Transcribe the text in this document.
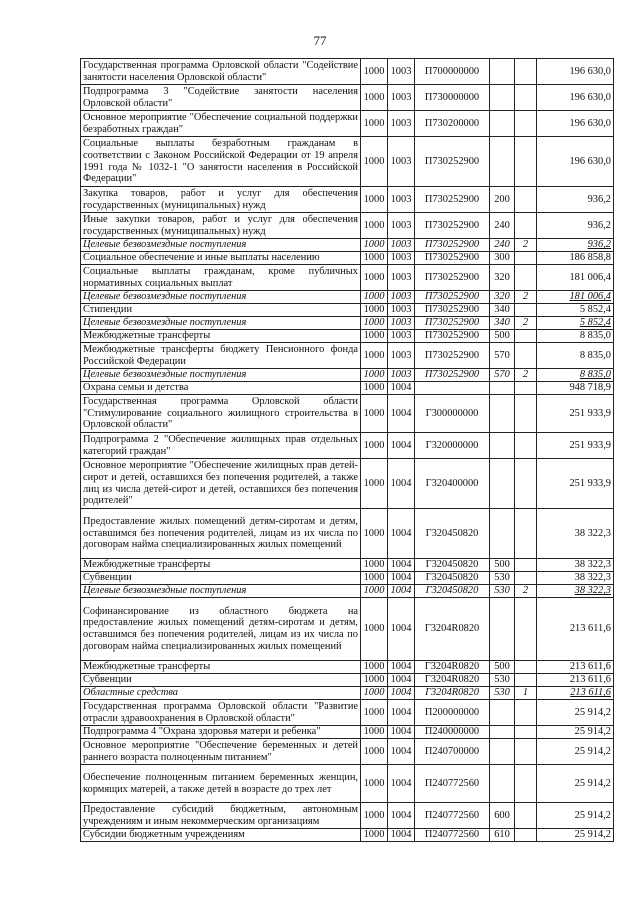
77
Государственная программа Орловской области "Содействие занятости населения Орловской области"	1000	1003	П700000000			196 630,0
Подпрограмма 3 "Содействие занятости населения Орловской области"	1000	1003	П730000000			196 630,0
Основное мероприятие "Обеспечение социальной поддержки безработных граждан"	1000	1003	П730200000			196 630,0
Социальные выплаты безработным гражданам в соответствии с Законом Российской Федерации от 19 апреля 1991 года № 1032-1 "О занятости населения в Российской Федерации"	1000	1003	П730252900			196 630,0
Закупка товаров, работ и услуг для обеспечения государственных (муниципальных) нужд	1000	1003	П730252900	200		936,2
Иные закупки товаров, работ и услуг для обеспечения государственных (муниципальных) нужд	1000	1003	П730252900	240		936,2
Целевые безвозмездные поступления	1000	1003	П730252900	240	2	936,2
Социальное обеспечение и иные выплаты населению	1000	1003	П730252900	300		186 858,8
Социальные выплаты гражданам, кроме публичных нормативных социальных выплат	1000	1003	П730252900	320		181 006,4
Целевые безвозмездные поступления	1000	1003	П730252900	320	2	181 006,4
Стипендии	1000	1003	П730252900	340		5 852,4
Целевые безвозмездные поступления	1000	1003	П730252900	340	2	5 852,4
Межбюджетные трансферты	1000	1003	П730252900	500		8 835,0
Межбюджетные трансферты бюджету Пенсионного фонда Российской Федерации	1000	1003	П730252900	570		8 835,0
Целевые безвозмездные поступления	1000	1003	П730252900	570	2	8 835,0
Охрана семьи и детства	1000	1004				948 718,9
Государственная программа Орловской области "Стимулирование социального жилищного строительства в Орловской области"	1000	1004	Г300000000			251 933,9
Подпрограмма 2 "Обеспечение жилищных прав отдельных категорий граждан"	1000	1004	Г320000000			251 933,9
Основное мероприятие "Обеспечение жилищных прав детей-сирот и детей, оставшихся без попечения родителей, а также лиц из числа детей-сирот и детей, оставшихся без попечения родителей"	1000	1004	Г320400000			251 933,9
Предоставление жилых помещений детям-сиротам и детям, оставшимся без попечения родителей, лицам из их числа по договорам найма специализированных жилых помещений	1000	1004	Г320450820			38 322,3
Межбюджетные трансферты	1000	1004	Г320450820	500		38 322,3
Субвенции	1000	1004	Г320450820	530		38 322,3
Целевые безвозмездные поступления	1000	1004	Г320450820	530	2	38 322,3
Софинансирование из областного бюджета на предоставление жилых помещений детям-сиротам и детям, оставшимся без попечения родителей, лицам из их числа по договорам найма специализированных жилых помещений	1000	1004	Г3204R0820			213 611,6
Межбюджетные трансферты	1000	1004	Г3204R0820	500		213 611,6
Субвенции	1000	1004	Г3204R0820	530		213 611,6
Областные средства	1000	1004	Г3204R0820	530	1	213 611,6
Государственная программа Орловской области "Развитие отрасли здравоохранения в Орловской области"	1000	1004	П200000000			25 914,2
Подпрограмма 4 "Охрана здоровья матери и ребенка"	1000	1004	П240000000			25 914,2
Основное мероприятие "Обеспечение беременных и детей раннего возраста полноценным питанием"	1000	1004	П240700000			25 914,2
Обеспечение полноценным питанием беременных женщин, кормящих матерей, а также детей в возрасте до трех лет	1000	1004	П240772560			25 914,2
Предоставление субсидий бюджетным, автономным учреждениям и иным некоммерческим организациям	1000	1004	П240772560	600		25 914,2
Субсидии бюджетным учреждениям	1000	1004	П240772560	610		25 914,2
